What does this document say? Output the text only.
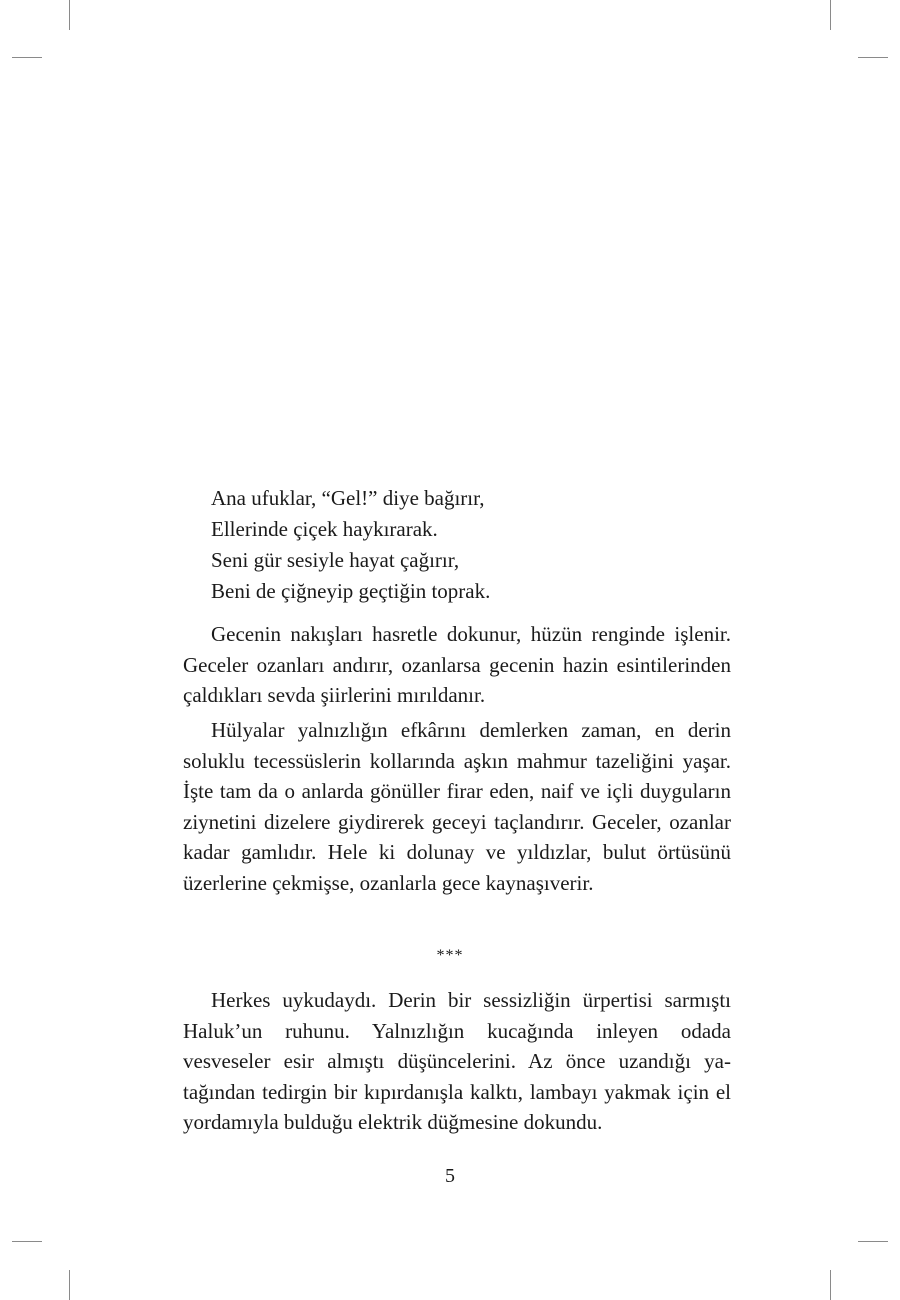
Ana ufuklar, “Gel!” diye bağırır,
Ellerinde çiçek haykırarak.
Seni gür sesiyle hayat çağırır,
Beni de çiğneyip geçtiğin toprak.

Gecenin nakışları hasretle dokunur, hüzün renginde işlenir. Geceler ozanları andırır, ozanlarsa gecenin hazin esintilerinden çaldıkları sevda şiirlerini mırıldanır.

Hülyalar yalnızlığın efkârını demlerken zaman, en derin soluklu tecessüslerin kollarında aşkın mahmur tazeliğini yaşar. İşte tam da o anlarda gönüller firar eden, naif ve içli duyguların ziynetini dizelere giydirerek geceyi taçlandırır. Geceler, ozanlar kadar gamlıdır. Hele ki dolunay ve yıldızlar, bulut örtüsünü üzerlerine çekmişse, ozanlarla gece kaynaşıverir.

***

Herkes uykudaydı. Derin bir sessizliğin ürpertisi sarmıştı Haluk’un ruhunu. Yalnızlığın kucağında inleyen odada vesveseler esir almıştı düşüncelerini. Az önce uzandığı yatağından tedirgin bir kıpırdanışla kalktı, lambayı yakmak için el yordamıyla bulduğu elektrik düğmesine dokundu.

5
